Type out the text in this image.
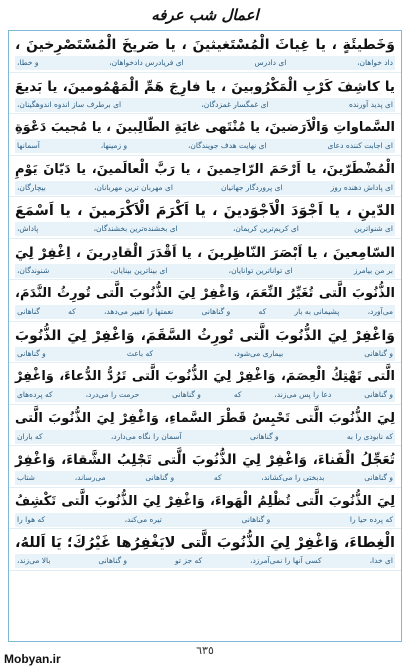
اعمال شب عرفه
وَخَطيئَةٍ ، يا غِياثَ الْمُسْتَغيثينَ ، يا صَريخَ الْمُسْتَصْرِخينَ ،
و خطا،	ای فریادرس دادخواهان،	ای دادرس	داد خواهان،
يا كاشِفَ كَرْبِ الْمَكْرُوبينَ ، يا فارِجَ هَمِّ الْمَهْمُومينَ، يا بَديعَ
ای برطرف ساز اندوه اندوهگینان،	ای غمگسار غمزدگان،	ای پدید آورنده
السَّماواتِ وَالْاَرَضينَ، يا مُنْتَهى غايَةِ الطّالِبينَ ، يا مُجيبَ دَعْوَةِ
آسمانها	و زمینها،	ای نهایت هدف جویندگان،	ای اجابت کننده دعای
الْمُضْطَرّينَ، يا اَرْحَمَ الرّاحِمينَ ، يا رَبَّ الْعالَمينَ، يا دَيّانَ يَوْمِ
بیچارگان،	ای مهربان ترین مهربانان،	ای پروردگار جهانیان	ای پاداش دهنده روز
الدّينِ ، يا اَجْوَدَ الْاَجْوَدينَ ، يا اَكْرَمَ الْاَكْرَمينَ ، يا اَسْمَعَ
پاداش،	ای بخشنده‌ترین بخشندگان،	ای کریم‌ترین کریمان،	ای شنواترین
السّامِعينَ ، يا اَبْصَرَ النّاظِرينَ ، يا اَقْدَرَ الْقادِرينَ ، اِغْفِرْ لِيَ
شنوندگان،	ای بیناترین بینایان،	ای تواناترین توانایان،	بر من بیامرز
الذُّنُوبَ الَّتى تُغَيِّرُ النِّعَمَ، وَاغْفِرْ لِيَ الذُّنُوبَ الَّتى تُورِثُ النَّدَمَ،
گناهانی	که	نعمتها را تغییر می‌دهد،	و گناهانی	که	پشیمانی به بار	می‌آورد،
وَاغْفِرْ لِيَ الذُّنُوبَ الَّتى تُورِثُ السَّقَمَ، وَاغْفِرْ لِيَ الذُّنُوبَ
و گناهانی	که باعث	بیماری می‌شود،	و گناهانی
الَّتى تَهْتِكُ الْعِصَمَ، وَاغْفِرْ لِيَ الذُّنُوبَ الَّتى تَرُدُّ الدُّعاءَ، وَاغْفِرْ
که پرده‌های	حرمت را می‌درد،	و گناهانی	که	دعا را پس می‌زند،	و گناهانی
لِيَ الذُّنُوبَ الَّتى تَحْبِسُ قَطْرَ السَّماءِ، وَاغْفِرْ لِيَ الذُّنُوبَ الَّتى
که باران	آسمان را نگاه می‌دارد،	و گناهانی	که نابودی را به
تُعَجِّلُ الْفَناءَ، وَاغْفِرْ لِيَ الذُّنُوبَ الَّتى تَجْلِبُ الشَّقاءَ، وَاغْفِرْ
شتاب	می‌رساند،	و گناهانی	که	بدبختی را می‌کشاند،	و گناهانی
لِيَ الذُّنُوبَ الَّتى تُظْلِمُ الْهَواءَ، وَاغْفِرْ لِيَ الذُّنُوبَ الَّتى تَكْشِفُ
که هوا را	تیره می‌کند،	و گناهانی	که پرده حیا را
الْغِطاءَ، وَاغْفِرْ لِيَ الذُّنُوبَ الَّتى لايَغْفِرُها غَيْرُكَ؛ يَا اَللهُ،
بالا می‌زند،	و گناهانی	که جز تو	کسی آنها را نمی‌آمرزد،	ای خدا،
٦٣٥
Mobyan.ir
